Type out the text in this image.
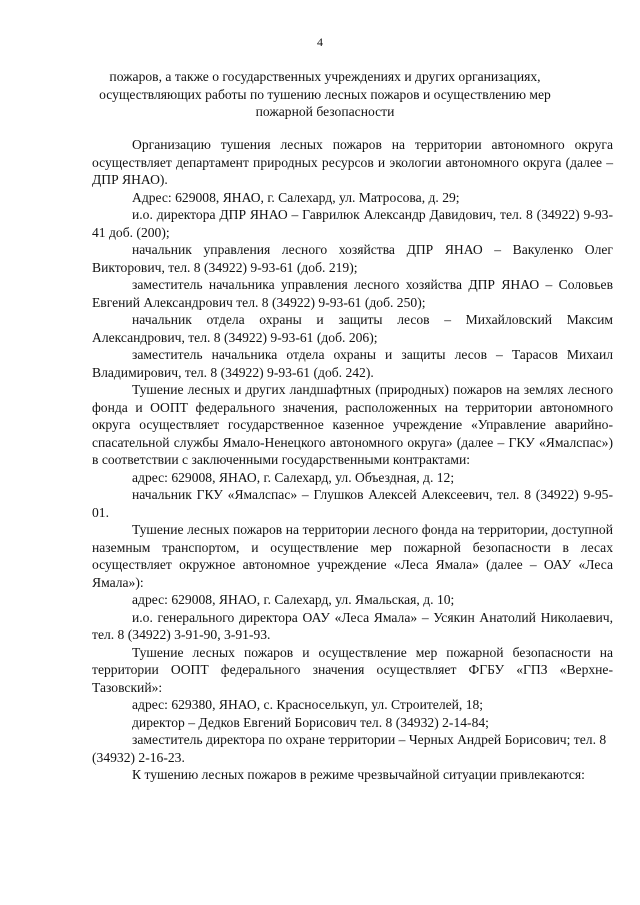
4
пожаров, а также о государственных учреждениях и других организациях,
осуществляющих работы по тушению лесных пожаров и осуществлению мер
пожарной безопасности

Организацию тушения лесных пожаров на территории автономного округа осуществляет департамент природных ресурсов и экологии автономного округа (далее – ДПР ЯНАО).

Адрес: 629008, ЯНАО, г. Салехард, ул. Матросова, д. 29;

и.о. директора ДПР ЯНАО – Гаврилюк Александр Давидович, тел. 8 (34922) 9-93-41 доб. (200);

начальник управления лесного хозяйства ДПР ЯНАО – Вакуленко Олег Викторович, тел. 8 (34922) 9-93-61 (доб. 219);

заместитель начальника управления лесного хозяйства ДПР ЯНАО – Соловьев Евгений Александрович тел. 8 (34922) 9-93-61 (доб. 250);

начальник отдела охраны и защиты лесов – Михайловский Максим Александрович, тел. 8 (34922) 9-93-61 (доб. 206);

заместитель начальника отдела охраны и защиты лесов – Тарасов Михаил Владимирович, тел. 8 (34922) 9-93-61 (доб. 242).

Тушение лесных и других ландшафтных (природных) пожаров на землях лесного фонда и ООПТ федерального значения, расположенных на территории автономного округа осуществляет государственное казенное учреждение «Управление аварийно-спасательной службы Ямало-Ненецкого автономного округа» (далее – ГКУ «Ямалспас») в соответствии с заключенными государственными контрактами:

адрес: 629008, ЯНАО, г. Салехард, ул. Объездная, д. 12;

начальник ГКУ «Ямалспас» – Глушков Алексей Алексеевич, тел. 8 (34922) 9-95-01.

Тушение лесных пожаров на территории лесного фонда на территории, доступной наземным транспортом, и осуществление мер пожарной безопасности в лесах осуществляет окружное автономное учреждение «Леса Ямала» (далее – ОАУ «Леса Ямала»):

адрес: 629008, ЯНАО, г. Салехард, ул. Ямальская, д. 10;

и.о. генерального директора ОАУ «Леса Ямала» – Усякин Анатолий Николаевич, тел. 8 (34922) 3-91-90, 3-91-93.

Тушение лесных пожаров и осуществление мер пожарной безопасности на территории ООПТ федерального значения осуществляет ФГБУ «ГПЗ «Верхне-Тазовский»:

адрес: 629380, ЯНАО, с. Красноселькуп, ул. Строителей, 18;

директор – Дедков Евгений Борисович тел. 8 (34932) 2-14-84;

заместитель директора по охране территории – Черных Андрей Борисович; тел. 8 (34932) 2-16-23.

К тушению лесных пожаров в режиме чрезвычайной ситуации привлекаются:
